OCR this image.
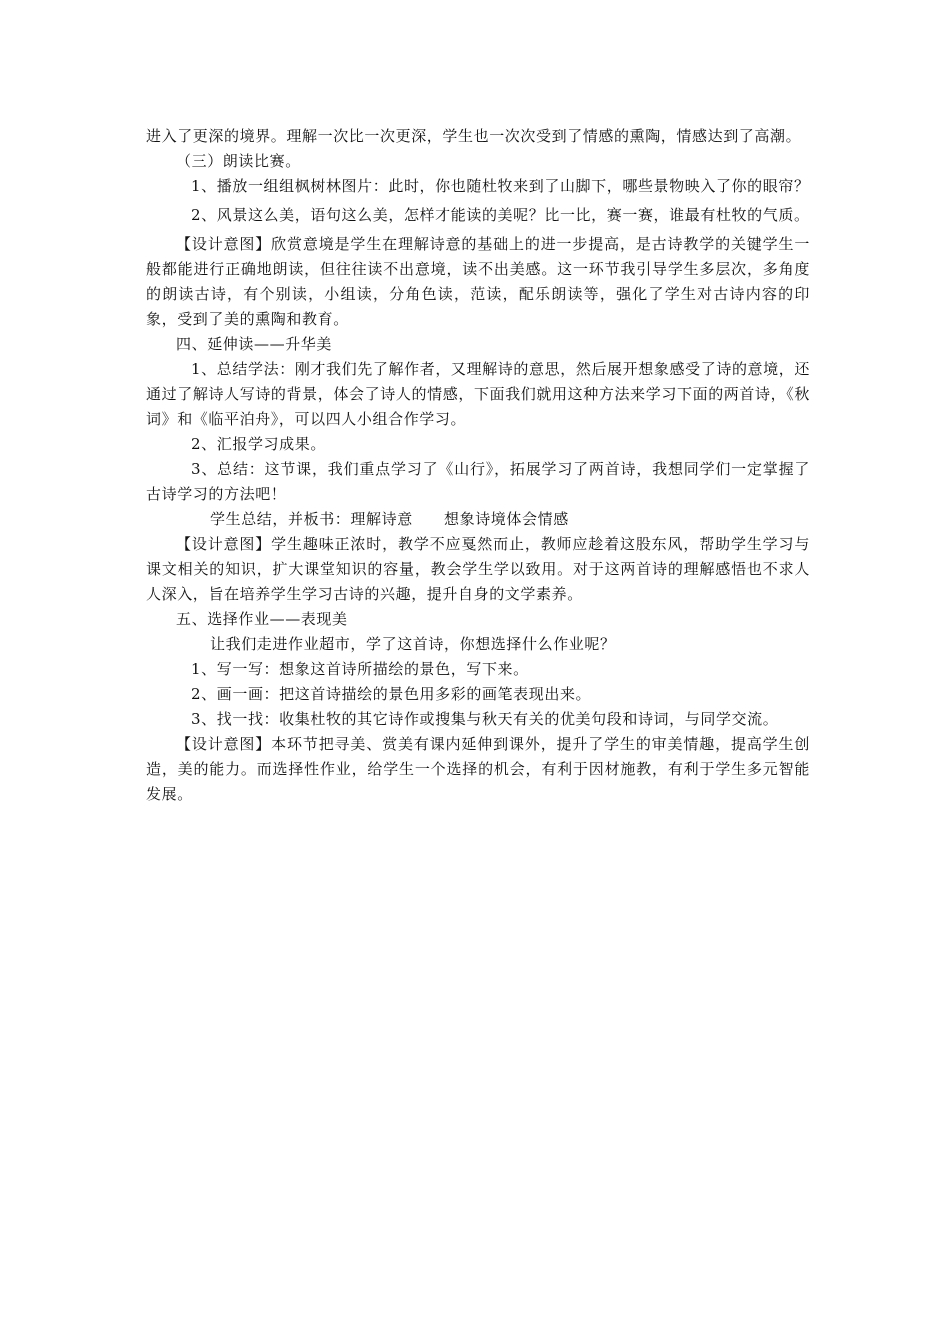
进入了更深的境界。理解一次比一次更深，学生也一次次受到了情感的熏陶，情感达到了高潮。

（三）朗读比赛。

1、播放一组组枫树林图片：此时，你也随杜牧来到了山脚下，哪些景物映入了你的眼帘？

2、风景这么美，语句这么美，怎样才能读的美呢？比一比，赛一赛，谁最有杜牧的气质。

【设计意图】欣赏意境是学生在理解诗意的基础上的进一步提高，是古诗教学的关键学生一般都能进行正确地朗读，但往往读不出意境，读不出美感。这一环节我引导学生多层次，多角度的朗读古诗，有个别读，小组读，分角色读，范读，配乐朗读等，强化了学生对古诗内容的印象，受到了美的熏陶和教育。

四、延伸读——升华美

1、总结学法：刚才我们先了解作者，又理解诗的意思，然后展开想象感受了诗的意境，还通过了解诗人写诗的背景，体会了诗人的情感，下面我们就用这种方法来学习下面的两首诗，《秋词》和《临平泊舟》，可以四人小组合作学习。

2、汇报学习成果。

3、总结：这节课，我们重点学习了《山行》，拓展学习了两首诗，我想同学们一定掌握了古诗学习的方法吧！

学生总结，并板书：理解诗意　　想象诗境体会情感

【设计意图】学生趣味正浓时，教学不应戛然而止，教师应趁着这股东风，帮助学生学习与课文相关的知识，扩大课堂知识的容量，教会学生学以致用。对于这两首诗的理解感悟也不求人人深入，旨在培养学生学习古诗的兴趣，提升自身的文学素养。

五、选择作业——表现美

让我们走进作业超市，学了这首诗，你想选择什么作业呢？

1、写一写：想象这首诗所描绘的景色，写下来。

2、画一画：把这首诗描绘的景色用多彩的画笔表现出来。

3、找一找：收集杜牧的其它诗作或搜集与秋天有关的优美句段和诗词，与同学交流。

【设计意图】本环节把寻美、赏美有课内延伸到课外，提升了学生的审美情趣，提高学生创造，美的能力。而选择性作业，给学生一个选择的机会，有利于因材施教，有利于学生多元智能发展。
